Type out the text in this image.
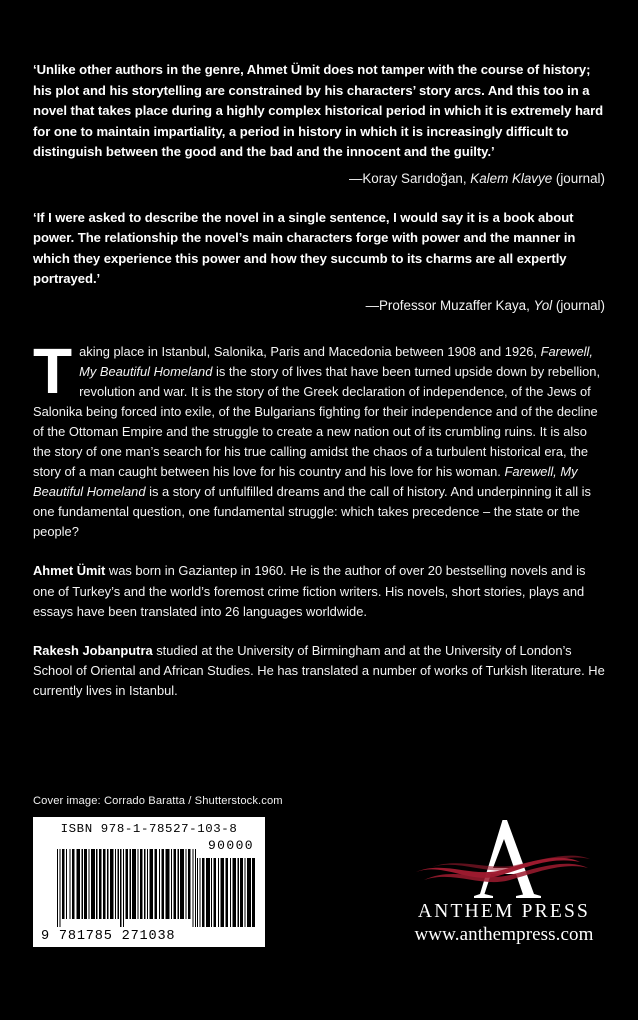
‘Unlike other authors in the genre, Ahmet Ümit does not tamper with the course of history; his plot and his storytelling are constrained by his characters’ story arcs. And this too in a novel that takes place during a highly complex historical period in which it is extremely hard for one to maintain impartiality, a period in history in which it is increasingly difficult to distinguish between the good and the bad and the innocent and the guilty.’

—Koray Sarıdoğan, Kalem Klavye (journal)

‘If I were asked to describe the novel in a single sentence, I would say it is a book about power. The relationship the novel’s main characters forge with power and the manner in which they experience this power and how they succumb to its charms are all expertly portrayed.’

—Professor Muzaffer Kaya, Yol (journal)

Taking place in Istanbul, Salonika, Paris and Macedonia between 1908 and 1926, Farewell, My Beautiful Homeland is the story of lives that have been turned upside down by rebellion, revolution and war. It is the story of the Greek declaration of independence, of the Jews of Salonika being forced into exile, of the Bulgarians fighting for their independence and of the decline of the Ottoman Empire and the struggle to create a new nation out of its crumbling ruins. It is also the story of one man’s search for his true calling amidst the chaos of a turbulent historical era, the story of a man caught between his love for his country and his love for his woman. Farewell, My Beautiful Homeland is a story of unfulfilled dreams and the call of history. And underpinning it all is one fundamental question, one fundamental struggle: which takes precedence – the state or the people?

Ahmet Ümit was born in Gaziantep in 1960. He is the author of over 20 bestselling novels and is one of Turkey’s and the world’s foremost crime fiction writers. His novels, short stories, plays and essays have been translated into 26 languages worldwide.

Rakesh Jobanputra studied at the University of Birmingham and at the University of London’s School of Oriental and African Studies. He has translated a number of works of Turkish literature. He currently lives in Istanbul.

Cover image: Corrado Baratta / Shutterstock.com

ISBN 978-1-78527-103-8

90000

9 781785 271038

ANTHEM PRESS

www.anthempress.com
